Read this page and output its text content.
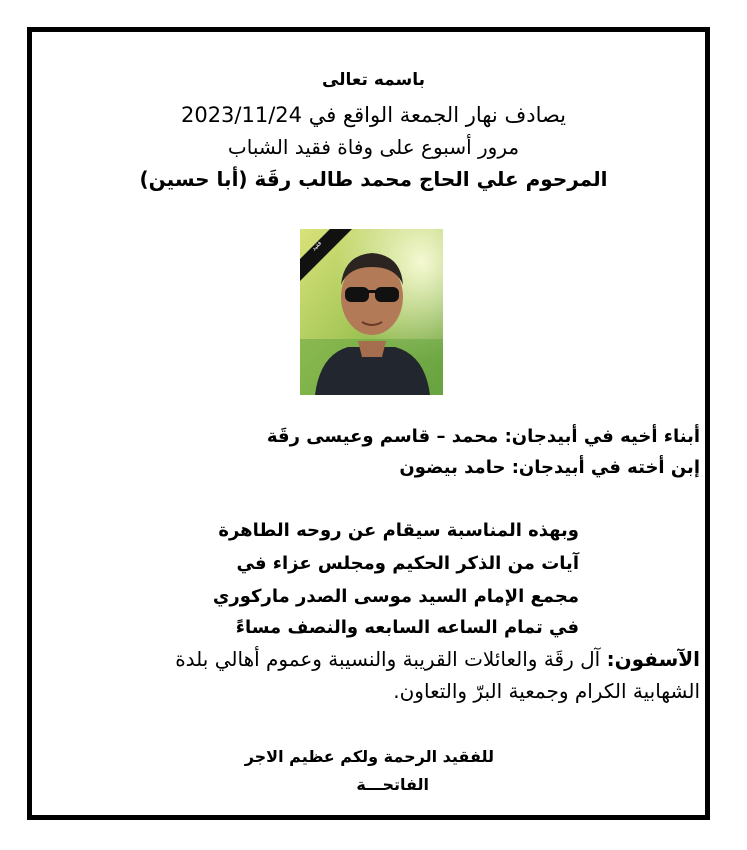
باسمه تعالى
يصادف نهار الجمعة الواقع في 2023/11/24
مرور أسبوع على وفاة فقيد الشباب
المرحوم علي الحاج محمد طالب رقَة (أبا حسين)
فقيد
أبناء أخيه في أبيدجان: محمد – قاسم وعيسى رقَة
إبن أخته في أبيدجان: حامد بيضون
وبهذه المناسبة سيقام عن روحه الطاهرة
آيات من الذكر الحكيم ومجلس عزاء في
مجمع الإمام السيد موسى الصدر ماركوري
في تمام الساعه السابعه والنصف مساءً
الآسفون: آل رقَة والعائلات القريبة والنسيبة وعموم أهالي بلدة
الشهابية الكرام وجمعية البرّ والتعاون.
للفقيد الرحمة ولكم عظيم الاجر
الفاتحـــة
